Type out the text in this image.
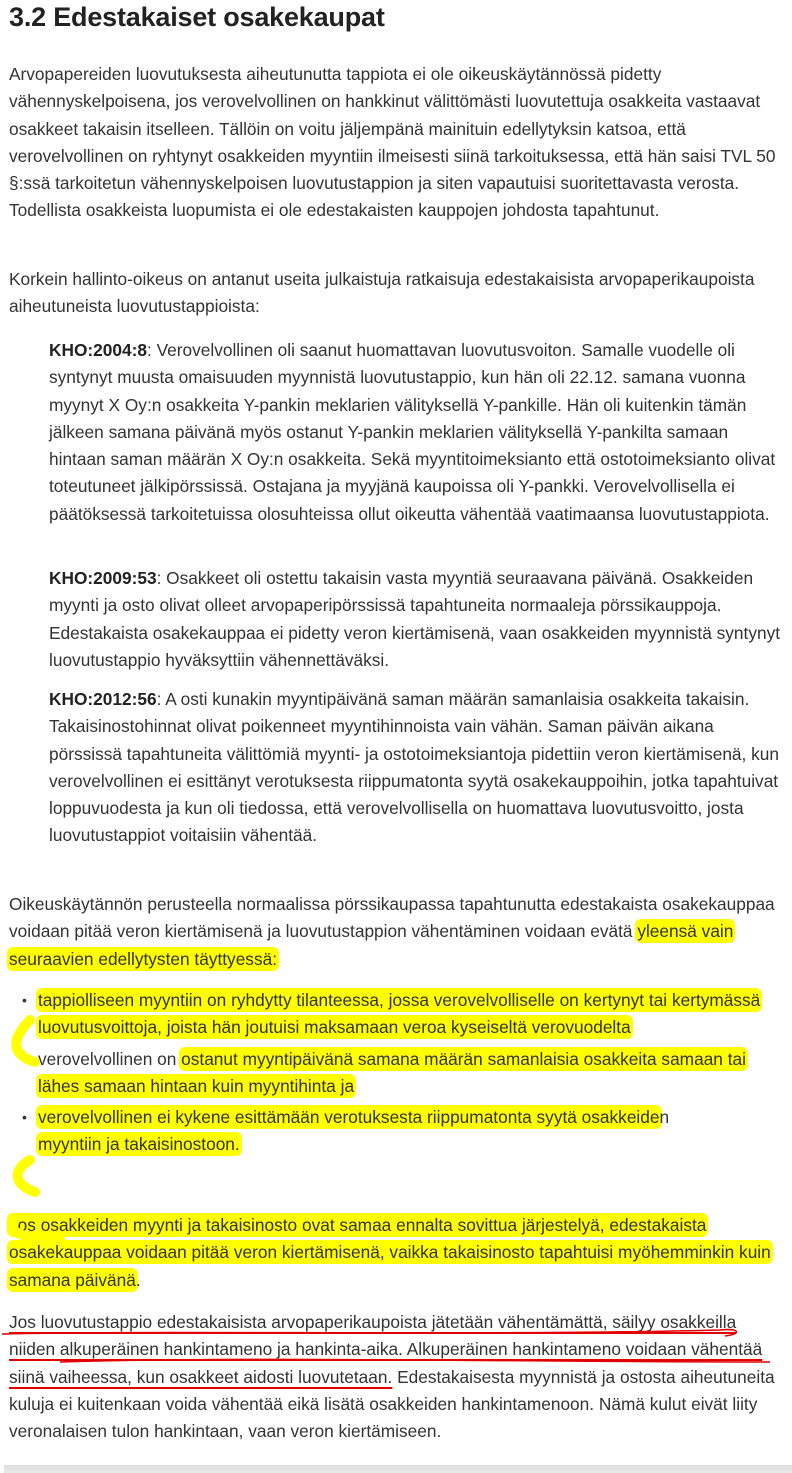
3.2 Edestakaiset osakekaupat

Arvopapereiden luovutuksesta aiheutunutta tappiota ei ole oikeuskäytännössä pidetty vähennyskelpoisena, jos verovelvollinen on hankkinut välittömästi luovutettuja osakkeita vastaavat osakkeet takaisin itselleen. Tällöin on voitu jäljempänä mainituin edellytyksin katsoa, että verovelvollinen on ryhtynyt osakkeiden myyntiin ilmeisesti siinä tarkoituksessa, että hän saisi TVL 50 §:ssä tarkoitetun vähennyskelpoisen luovutustappion ja siten vapautuisi suoritettavasta verosta. Todellista osakkeista luopumista ei ole edestakaisten kauppojen johdosta tapahtunut.

Korkein hallinto-oikeus on antanut useita julkaistuja ratkaisuja edestakaisista arvopaperikaupoista aiheutuneista luovutustappioista:

KHO:2004:8: Verovelvollinen oli saanut huomattavan luovutusvoiton. Samalle vuodelle oli syntynyt muusta omaisuuden myynnistä luovutustappio, kun hän oli 22.12. samana vuonna myynyt X Oy:n osakkeita Y-pankin meklarien välityksellä Y-pankille. Hän oli kuitenkin tämän jälkeen samana päivänä myös ostanut Y-pankin meklarien välityksellä Y-pankilta samaan hintaan saman määrän X Oy:n osakkeita. Sekä myyntitoimeksianto että ostotoimeksianto olivat toteutuneet jälkipörssissä. Ostajana ja myyjänä kaupoissa oli Y-pankki. Verovelvollisella ei päätöksessä tarkoitetuissa olosuhteissa ollut oikeutta vähentää vaatimaansa luovutustappiota.

KHO:2009:53: Osakkeet oli ostettu takaisin vasta myyntiä seuraavana päivänä. Osakkeiden myynti ja osto olivat olleet arvopaperipörssissä tapahtuneita normaaleja pörssikauppoja. Edestakaista osakekauppaa ei pidetty veron kiertämisenä, vaan osakkeiden myynnistä syntynyt luovutustappio hyväksyttiin vähennettäväksi.

KHO:2012:56: A osti kunakin myyntipäivänä saman määrän samanlaisia osakkeita takaisin. Takaisinostohinnat olivat poikenneet myyntihinnoista vain vähän. Saman päivän aikana pörssissä tapahtuneita välittömiä myynti- ja ostotoimeksiantoja pidettiin veron kiertämisenä, kun verovelvollinen ei esittänyt verotuksesta riippumatonta syytä osakekauppoihin, jotka tapahtuivat loppuvuodesta ja kun oli tiedossa, että verovelvollisella on huomattava luovutusvoitto, josta luovutustappiot voitaisiin vähentää.

Oikeuskäytännön perusteella normaalissa pörssikaupassa tapahtunutta edestakaista osakekauppaa voidaan pitää veron kiertämisenä ja luovutustappion vähentäminen voidaan evätä yleensä vain seuraavien edellytysten täyttyessä:

• tappiolliseen myyntiin on ryhdytty tilanteessa, jossa verovelvolliselle on kertynyt tai kertymässä luovutusvoittoja, joista hän joutuisi maksamaan veroa kyseiseltä verovuodelta
• verovelvollinen on ostanut myyntipäivänä samana määrän samanlaisia osakkeita samaan tai lähes samaan hintaan kuin myyntihinta ja
• verovelvollinen ei kykene esittämään verotuksesta riippumatonta syytä osakkeiden
myyntiin ja takaisinostoon.

Jos osakkeiden myynti ja takaisinosto ovat samaa ennalta sovittua järjestelyä, edestakaista osakekauppaa voidaan pitää veron kiertämisenä, vaikka takaisinosto tapahtuisi myöhemminkin kuin samana päivänä.

Jos luovutustappio edestakaisista arvopaperikaupoista jätetään vähentämättä, säilyy osakkeilla niiden alkuperäinen hankintameno ja hankinta-aika. Alkuperäinen hankintameno voidaan vähentää siinä vaiheessa, kun osakkeet aidosti luovutetaan. Edestakaisesta myynnistä ja ostosta aiheutuneita kuluja ei kuitenkaan voida vähentää eikä lisätä osakkeiden hankintamenoon. Nämä kulut eivät liity veronalaisen tulon hankintaan, vaan veron kiertämiseen.
